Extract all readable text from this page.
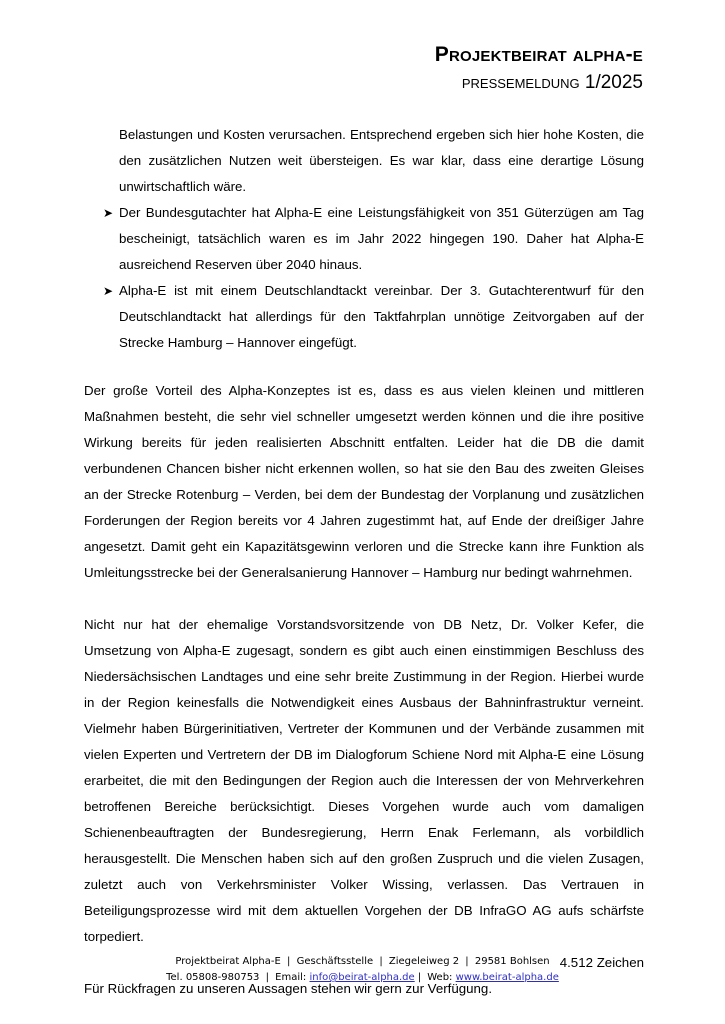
Projektbeirat alpha-e
pressemeldung 1/2025
Belastungen und Kosten verursachen. Entsprechend ergeben sich hier hohe Kosten, die den zusätzlichen Nutzen weit übersteigen. Es war klar, dass eine derartige Lösung unwirtschaftlich wäre.
➤ Der Bundesgutachter hat Alpha-E eine Leistungsfähigkeit von 351 Güterzügen am Tag bescheinigt, tatsächlich waren es im Jahr 2022 hingegen 190. Daher hat Alpha-E ausreichend Reserven über 2040 hinaus.
➤ Alpha-E ist mit einem Deutschlandtackt vereinbar. Der 3. Gutachterentwurf für den Deutschlandtackt hat allerdings für den Taktfahrplan unnötige Zeitvorgaben auf der Strecke Hamburg – Hannover eingefügt.

Der große Vorteil des Alpha-Konzeptes ist es, dass es aus vielen kleinen und mittleren Maßnahmen besteht, die sehr viel schneller umgesetzt werden können und die ihre positive Wirkung bereits für jeden realisierten Abschnitt entfalten. Leider hat die DB die damit verbundenen Chancen bisher nicht erkennen wollen, so hat sie den Bau des zweiten Gleises an der Strecke Rotenburg – Verden, bei dem der Bundestag der Vorplanung und zusätzlichen Forderungen der Region bereits vor 4 Jahren zugestimmt hat, auf Ende der dreißiger Jahre angesetzt. Damit geht ein Kapazitätsgewinn verloren und die Strecke kann ihre Funktion als Umleitungsstrecke bei der Generalsanierung Hannover – Hamburg nur bedingt wahrnehmen.

Nicht nur hat der ehemalige Vorstandsvorsitzende von DB Netz, Dr. Volker Kefer, die Umsetzung von Alpha-E zugesagt, sondern es gibt auch einen einstimmigen Beschluss des Niedersächsischen Landtages und eine sehr breite Zustimmung in der Region. Hierbei wurde in der Region keinesfalls die Notwendigkeit eines Ausbaus der Bahninfrastruktur verneint. Vielmehr haben Bürgerinitiativen, Vertreter der Kommunen und der Verbände zusammen mit vielen Experten und Vertretern der DB im Dialogforum Schiene Nord mit Alpha-E eine Lösung erarbeitet, die mit den Bedingungen der Region auch die Interessen der von Mehrverkehren betroffenen Bereiche berücksichtigt. Dieses Vorgehen wurde auch vom damaligen Schienenbeauftragten der Bundesregierung, Herrn Enak Ferlemann, als vorbildlich herausgestellt. Die Menschen haben sich auf den großen Zuspruch und die vielen Zusagen, zuletzt auch von Verkehrsminister Volker Wissing, verlassen. Das Vertrauen in Beteiligungsprozesse wird mit dem aktuellen Vorgehen der DB InfraGO AG aufs schärfste torpediert.

4.512 Zeichen

Für Rückfragen zu unseren Aussagen stehen wir gern zur Verfügung.

Projektbeirat Alpha-E | Geschäftsstelle | Ziegeleiweg 2 | 29581 Bohlsen
Tel. 05808-980753 | Email: info@beirat-alpha.de | Web: www.beirat-alpha.de
